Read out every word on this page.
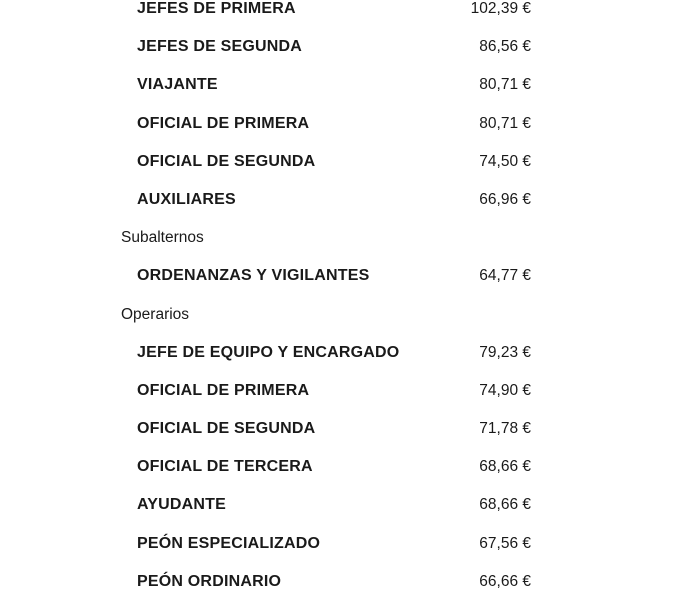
JEFES DE PRIMERA	102,39 €
JEFES DE SEGUNDA	86,56 €
VIAJANTE	80,71 €
OFICIAL DE PRIMERA	80,71 €
OFICIAL DE SEGUNDA	74,50 €
AUXILIARES	66,96 €
Subalternos
ORDENANZAS Y VIGILANTES	64,77 €
Operarios
JEFE DE EQUIPO Y ENCARGADO	79,23 €
OFICIAL DE PRIMERA	74,90 €
OFICIAL DE SEGUNDA	71,78 €
OFICIAL DE TERCERA	68,66 €
AYUDANTE	68,66 €
PEÓN ESPECIALIZADO	67,56 €
PEÓN ORDINARIO	66,66 €
